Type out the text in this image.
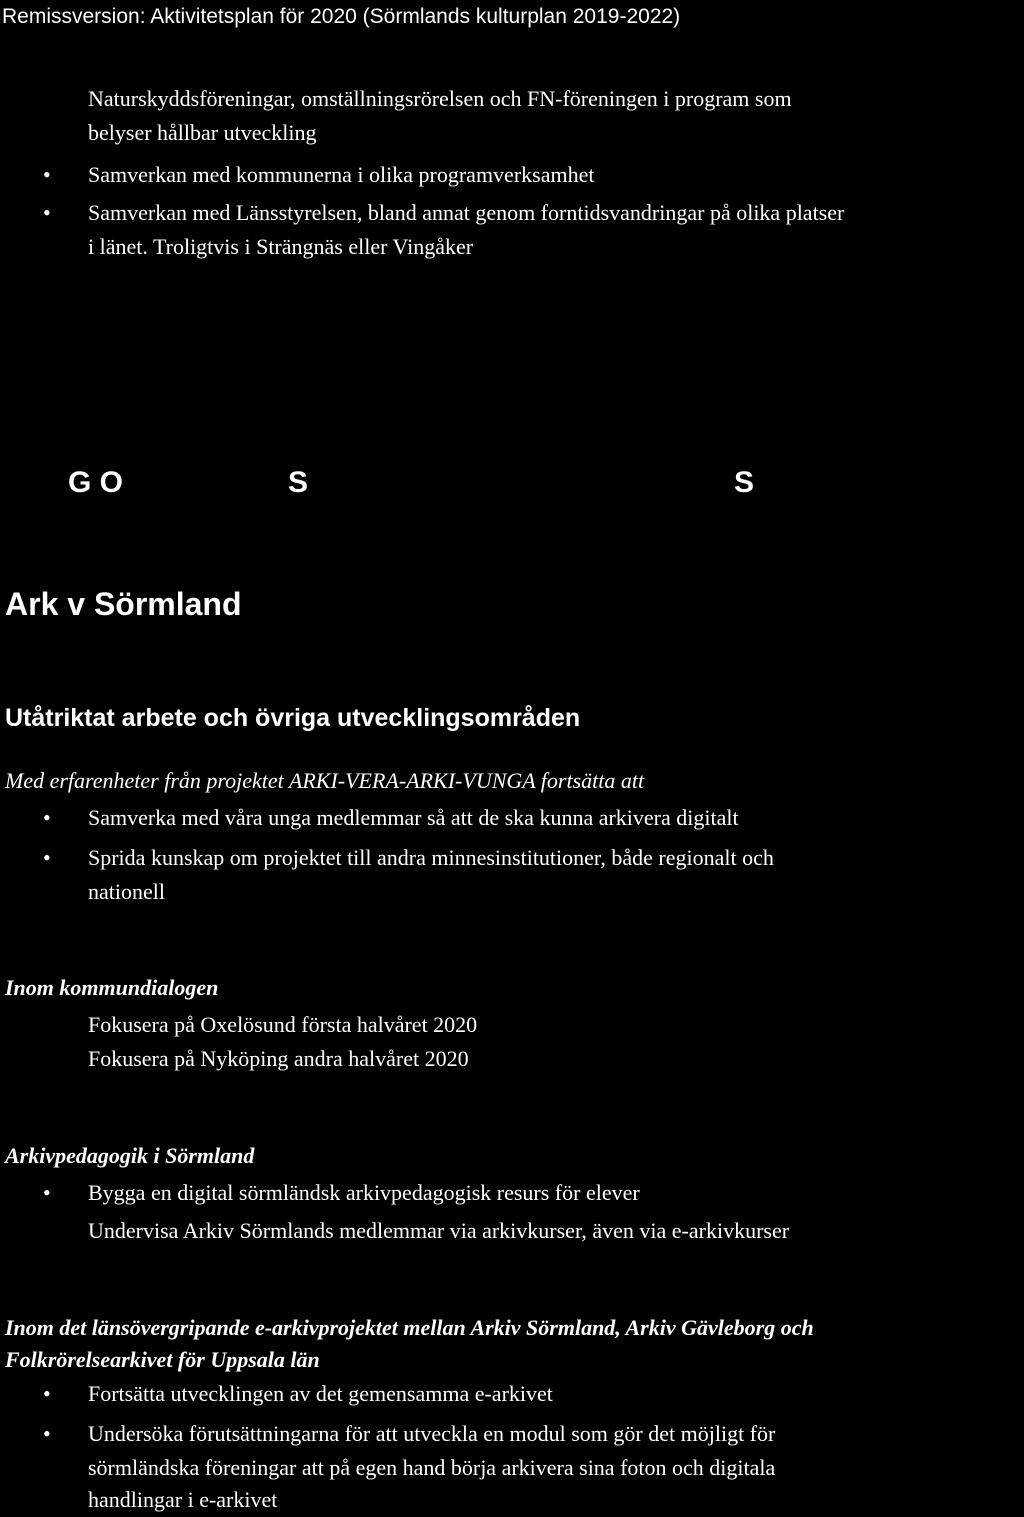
Remissversion: Aktivitetsplan för 2020 (Sörmlands kulturplan 2019-2022)
Naturskyddsföreningar, omställningsrörelsen och FN-föreningen i program som
belyser hållbar utveckling
• Samverkan med kommunerna i olika programverksamhet
• Samverkan med Länsstyrelsen, bland annat genom forntidsvandringar på olika platser
i länet. Troligtvis i Strängnäs eller Vingåker
G O	S	S
Ark v Sörmland
Utåtriktat arbete och övriga utvecklingsområden
Med erfarenheter från projektet ARKI-VERA-ARKI-VUNGA fortsätta att
• Samverka med våra unga medlemmar så att de ska kunna arkivera digitalt
• Sprida kunskap om projektet till andra minnesinstitutioner, både regionalt och
nationell
Inom kommundialogen
Fokusera på Oxelösund första halvåret 2020
Fokusera på Nyköping andra halvåret 2020
Arkivpedagogik i Sörmland
• Bygga en digital sörmländsk arkivpedagogisk resurs för elever
Undervisa Arkiv Sörmlands medlemmar via arkivkurser, även via e-arkivkurser
Inom det länsövergripande e-arkivprojektet mellan Arkiv Sörmland, Arkiv Gävleborg och
Folkrörelsearkivet för Uppsala län
• Fortsätta utvecklingen av det gemensamma e-arkivet
• Undersöka förutsättningarna för att utveckla en modul som gör det möjligt för
sörmländska föreningar att på egen hand börja arkivera sina foton och digitala
handlingar i e-arkivet
